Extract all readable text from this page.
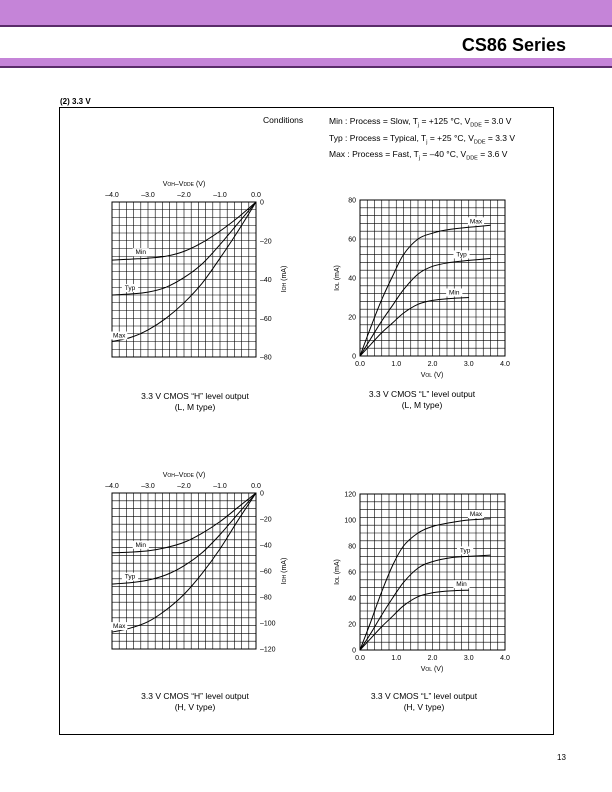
CS86 Series
(2) 3.3 V
Conditions	Min : Process = Slow, $T_j = +125$ °C, $V_{DDE} = 3.0$ V
Typ : Process = Typical, $T_j = +25$ °C, $V_{DDE} = 3.3$ V
Max : Process = Fast, $T_j = -40$ °C, $V_{DDE} = 3.6$ V
–4.0	–3.0	–2.0	–1.0	0.0
0
–20
–40
–60
–80
VOH–VDDE (V)
IOH (mA)
Min
Typ
Max
0.0	1.0	2.0	3.0	4.0
0
20
40
60
80
VOL (V)
IOL (mA)
Max
Typ
Min
–4.0	–3.0	–2.0	–1.0	0.0
0
–20
–40
–60
–80
–100
–120
VOH–VDDE (V)
IOH (mA)
Min
Typ
Max
0.0	1.0	2.0	3.0	4.0
0
20
40
60
80
100
120
VOL (V)
IOL (mA)
Max
Typ
Min
3.3 V CMOS “H” level output
(L, M type)
3.3 V CMOS “L” level output
(L, M type)
3.3 V CMOS “H” level output
(H, V type)
3.3 V CMOS “L” level output
(H, V type)
13
